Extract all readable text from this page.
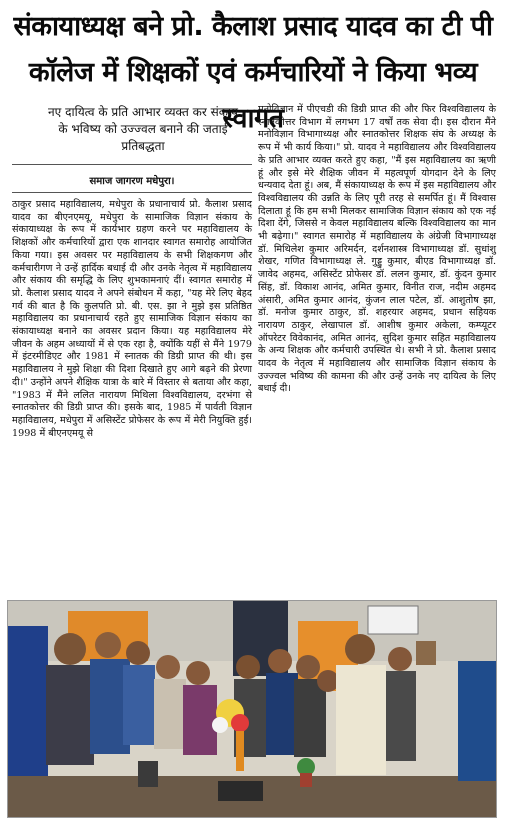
संकायाध्यक्ष बने प्रो. कैलाश प्रसाद यादव का टी पी कॉलेज में शिक्षकों एवं कर्मचारियों ने किया भव्य स्वागत
नए दायित्व के प्रति आभार व्यक्त कर संकाय के भविष्य को उज्ज्वल बनाने की जताई प्रतिबद्धता
समाज जागरण मधेपुरा।

ठाकुर प्रसाद महाविद्यालय, मधेपुरा के प्रधानाचार्य प्रो. कैलाश प्रसाद यादव का बीएनएमयू, मधेपुरा के सामाजिक विज्ञान संकाय के संकायाध्यक्ष के रूप में कार्यभार ग्रहण करने पर महाविद्यालय के शिक्षकों और कर्मचारियों द्वारा एक शानदार स्वागत समारोह आयोजित किया गया। इस अवसर पर महाविद्यालय के सभी शिक्षकगण और कर्मचारीगण ने उन्हें हार्दिक बधाई दी और उनके नेतृत्व में महाविद्यालय और संकाय की समृद्धि के लिए शुभकामनाएं दीं। स्वागत समारोह में प्रो. कैलाश प्रसाद यादव ने अपने संबोधन में कहा, "यह मेरे लिए बेहद गर्व की बात है कि कुलपति प्रो. बी. एस. झा ने मुझे इस प्रतिष्ठित महाविद्यालय का प्रधानाचार्य रहते हुए सामाजिक विज्ञान संकाय का संकायाध्यक्ष बनाने का अवसर प्रदान किया। यह महाविद्यालय मेरे जीवन के अहम अध्यायों में से एक रहा है, क्योंकि यहीं से मैंने 1979 में इंटरमीडिएट और 1981 में स्नातक की डिग्री प्राप्त की थी। इस महाविद्यालय ने मुझे शिक्षा की दिशा दिखाते हुए आगे बढ़ने की प्रेरणा दी।" उन्होंने अपने शैक्षिक यात्रा के बारे में विस्तार से बताया और कहा, "1983 में मैंने ललित नारायण मिथिला विश्वविद्यालय, दरभंगा से स्नातकोत्तर की डिग्री प्राप्त की। इसके बाद, 1985 में पार्वती विज्ञान महाविद्यालय, मधेपुरा में असिस्टेंट प्रोफेसर के रूप में मेरी नियुक्ति हुई। 1998 में बीएनएमयू से

मनोविज्ञान में पीएचडी की डिग्री प्राप्त की और फिर विश्वविद्यालय के स्नातकोत्तर विभाग में लगभग 17 वर्षों तक सेवा दी। इस दौरान मैंने मनोविज्ञान विभागाध्यक्ष और स्नातकोत्तर शिक्षक संघ के अध्यक्ष के रूप में भी कार्य किया।" प्रो. यादव ने महाविद्यालय और विश्वविद्यालय के प्रति आभार व्यक्त करते हुए कहा, "मैं इस महाविद्यालय का ऋणी हूं और इसे मेरे शैक्षिक जीवन में महत्वपूर्ण योगदान देने के लिए धन्यवाद देता हूं। अब, मैं संकायाध्यक्ष के रूप में इस महाविद्यालय और विश्वविद्यालय की उन्नति के लिए पूरी तरह से समर्पित हूं। मैं विश्वास दिलाता हूं कि हम सभी मिलकर सामाजिक विज्ञान संकाय को एक नई दिशा देंगे, जिससे न केवल महाविद्यालय बल्कि विश्वविद्यालय का मान भी बढ़ेगा।" स्वागत समारोह में महाविद्यालय के अंग्रेजी विभागाध्यक्ष डॉ. मिथिलेश कुमार अरिमर्दन, दर्शनशास्त्र विभागाध्यक्ष डॉ. सुधांशु शेखर, गणित विभागाध्यक्ष ले. गुड्डु कुमार, बीएड विभागाध्यक्ष डॉ. जावेद अहमद, असिस्टेंट प्रोफेसर डॉ. ललन कुमार, डॉ. कुंदन कुमार सिंह, डॉ. विकाश आनंद, अमित कुमार, विनीत राज, नदीम अहमद अंसारी, अमित कुमार आनंद, कुंजन लाल पटेल, डॉ. आशुतोष झा, डॉ. मनोज कुमार ठाकुर, डॉ. शहरयार अहमद, प्रधान सहियक नारायण ठाकुर, लेखापाल डॉ. आशीष कुमार अकेला, कम्प्यूटर ऑपरेटर विवेकानंद, अमित आनंद, सुदिश कुमार सहित महाविद्यालय के अन्य शिक्षक और कर्मचारी उपस्थित थे। सभी ने प्रो. कैलाश प्रसाद यादव के नेतृत्व में महाविद्यालय और सामाजिक विज्ञान संकाय के उज्ज्वल भविष्य की कामना की और उन्हें उनके नए दायित्व के लिए बधाई दी।
